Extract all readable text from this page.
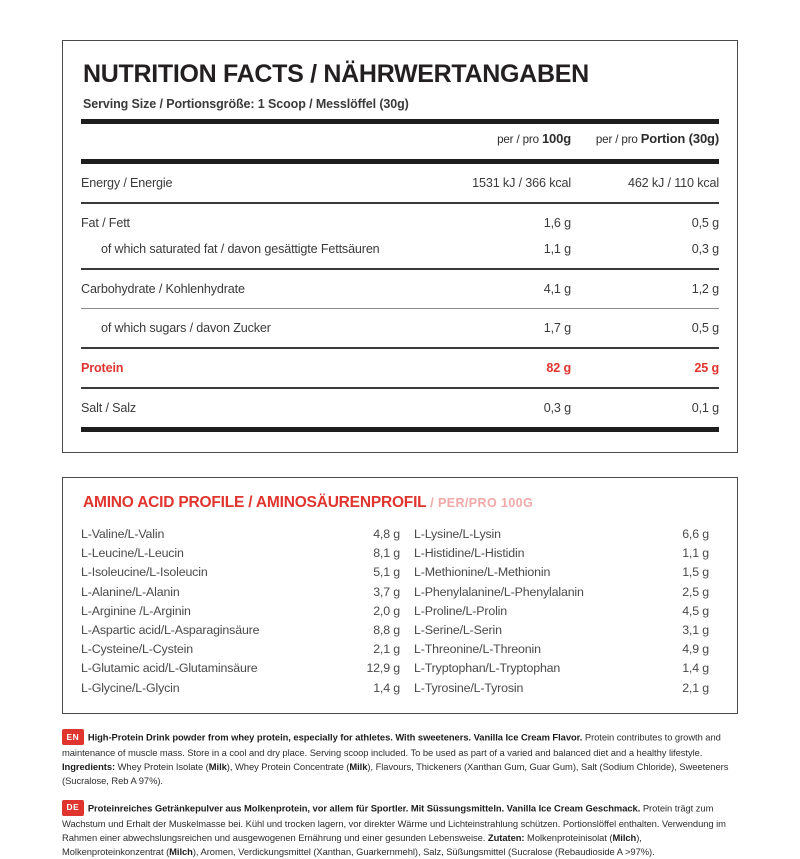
NUTRITION FACTS / NÄHRWERTANGABEN
Serving Size / Portionsgröße: 1 Scoop / Messlöffel (30g)
	per / pro 100g	per / pro Portion (30g)

Energy / Energie	1531 kJ / 366 kcal	462 kJ / 110 kcal

Fat / Fett	1,6 g	0,5 g
of which saturated fat / davon gesättigte Fettsäuren	1,1 g	0,3 g

Carbohydrate / Kohlenhydrate	4,1 g	1,2 g

of which sugars / davon Zucker	1,7 g	0,5 g

Protein	82 g	25 g

Salt / Salz	0,3 g	0,1 g

AMINO ACID PROFILE / AMINOSÄURENPROFIL / PER/PRO 100G
L-Valine/L-Valin	4,8 g
L-Leucine/L-Leucin	8,1 g
L-Isoleucine/L-Isoleucin	5,1 g
L-Alanine/L-Alanin	3,7 g
L-Arginine /L-Arginin	2,0 g
L-Aspartic acid/L-Asparaginsäure	8,8 g
L-Cysteine/L-Cystein	2,1 g
L-Glutamic acid/L-Glutaminsäure	12,9 g
L-Glycine/L-Glycin	1,4 g
L-Lysine/L-Lysin	6,6 g
L-Histidine/L-Histidin	1,1 g
L-Methionine/L-Methionin	1,5 g
L-Phenylalanine/L-Phenylalanin	2,5 g
L-Proline/L-Prolin	4,5 g
L-Serine/L-Serin	3,1 g
L-Threonine/L-Threonin	4,9 g
L-Tryptophan/L-Tryptophan	1,4 g
L-Tyrosine/L-Tyrosin	2,1 g

EN High-Protein Drink powder from whey protein, especially for athletes. With sweeteners. Vanilla Ice Cream Flavor. Protein contributes to growth and maintenance of muscle mass. Store in a cool and dry place. Serving scoop included. To be used as part of a varied and balanced diet and a healthy lifestyle. Ingredients: Whey Protein Isolate (Milk), Whey Protein Concentrate (Milk), Flavours, Thickeners (Xanthan Gum, Guar Gum), Salt (Sodium Chloride), Sweeteners (Sucralose, Reb A 97%).

DE Proteinreiches Getränkepulver aus Molkenprotein, vor allem für Sportler. Mit Süssungsmitteln. Vanilla Ice Cream Geschmack. Protein trägt zum Wachstum und Erhalt der Muskelmasse bei. Kühl und trocken lagern, vor direkter Wärme und Lichteinstrahlung schützen. Portionslöffel enthalten. Verwendung im Rahmen einer abwechslungsreichen und ausgewogenen Ernährung und einer gesunden Lebensweise. Zutaten: Molkenproteinisolat (Milch), Molkenproteinkonzentrat (Milch), Aromen, Verdickungsmittel (Xanthan, Guarkernmehl), Salz, Süßungsmittel (Sucralose (Rebaudioside A >97%).
